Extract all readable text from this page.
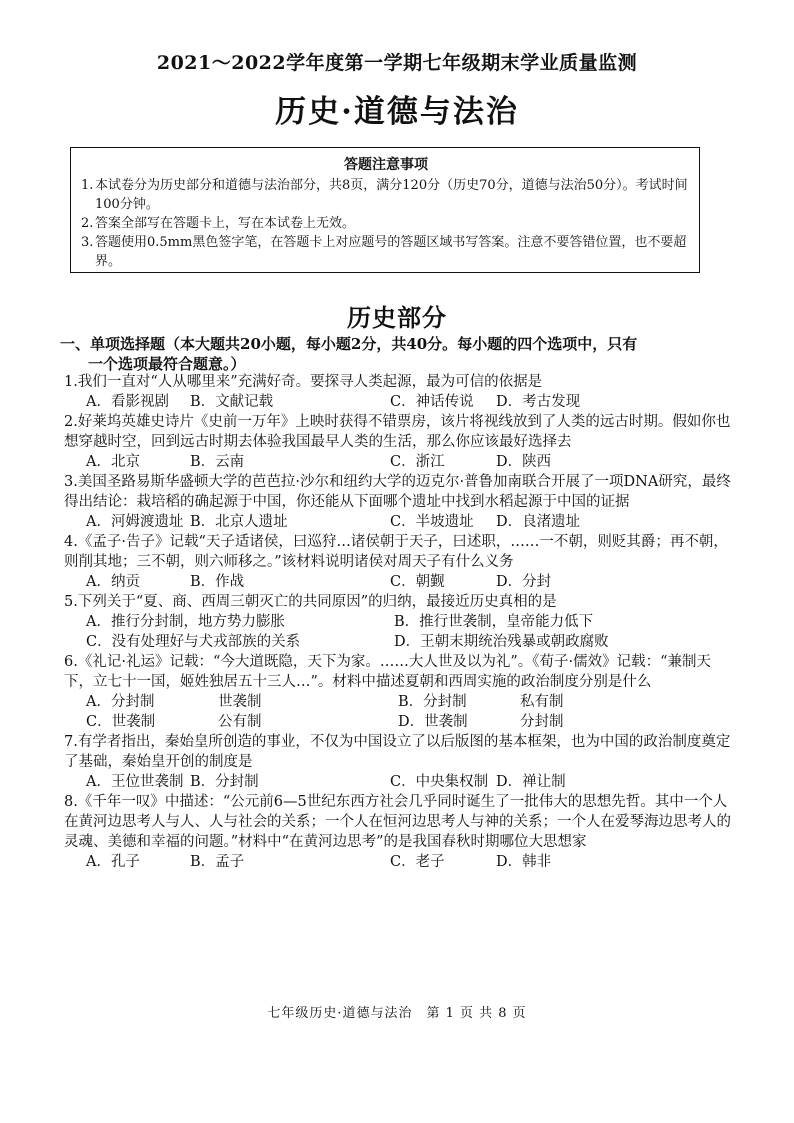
2021～2022学年度第一学期七年级期末学业质量监测
历史·道德与法治
答题注意事项
1. 本试卷分为历史部分和道德与法治部分，共8页，满分120分（历史70分，道德与法治50分）。考试时间100分钟。
2. 答案全部写在答题卡上，写在本试卷上无效。
3. 答题使用0.5mm黑色签字笔，在答题卡上对应题号的答题区域书写答案。注意不要答错位置，也不要超界。
历史部分
一、单项选择题（本大题共20小题，每小题2分，共40分。每小题的四个选项中，只有
一个选项最符合题意。）
1.我们一直对“人从哪里来”充满好奇。要探寻人类起源，最为可信的依据是
A．看影视剧	B．文献记载	C．神话传说	D．考古发现
2.好莱坞英雄史诗片《史前一万年》上映时获得不错票房，该片将视线放到了人类的远古时期。假如你也想穿越时空，回到远古时期去体验我国最早人类的生活，那么你应该最好选择去
A．北京	B．云南	C．浙江	D．陕西
3.美国圣路易斯华盛顿大学的芭芭拉·沙尔和纽约大学的迈克尔·普鲁加南联合开展了一项DNA研究，最终得出结论：栽培稻的确起源于中国，你还能从下面哪个遗址中找到水稻起源于中国的证据
A．河姆渡遗址 B．北京人遗址	C．半坡遗址	D．良渚遗址
4.《孟子·告子》记载“天子适诸侯，曰巡狩…诸侯朝于天子，曰述职，……一不朝，则贬其爵；再不朝，则削其地；三不朝，则六师移之。”该材料说明诸侯对周天子有什么义务
A．纳贡	B．作战	C．朝觐	D．分封
5.下列关于“夏、商、西周三朝灭亡的共同原因”的归纳，最接近历史真相的是
A．推行分封制，地方势力膨胀	B．推行世袭制，皇帝能力低下
C．没有处理好与犬戎部族的关系	D．王朝末期统治残暴或朝政腐败
6.《礼记·礼运》记载：“今大道既隐，天下为家。……大人世及以为礼”。《荀子·儒效》记载：“兼制天下，立七十一国，姬姓独居五十三人…”。材料中描述夏朝和西周实施的政治制度分别是什么
A．分封制	世袭制	B．分封制	私有制
C．世袭制	公有制	D．世袭制	分封制
7.有学者指出，秦始皇所创造的事业，不仅为中国设立了以后版图的基本框架，也为中国的政治制度奠定了基础，秦始皇开创的制度是
A．王位世袭制 B．分封制	C．中央集权制 D．禅让制
8.《千年一叹》中描述：“公元前6—5世纪东西方社会几乎同时诞生了一批伟大的思想先哲。其中一个人在黄河边思考人与人、人与社会的关系；一个人在恒河边思考人与神的关系；一个人在爱琴海边思考人的灵魂、美德和幸福的问题。”材料中“在黄河边思考”的是我国春秋时期哪位大思想家
A．孔子	B．孟子	C．老子	D．韩非
七年级历史·道德与法治　第 1 页 共 8 页
